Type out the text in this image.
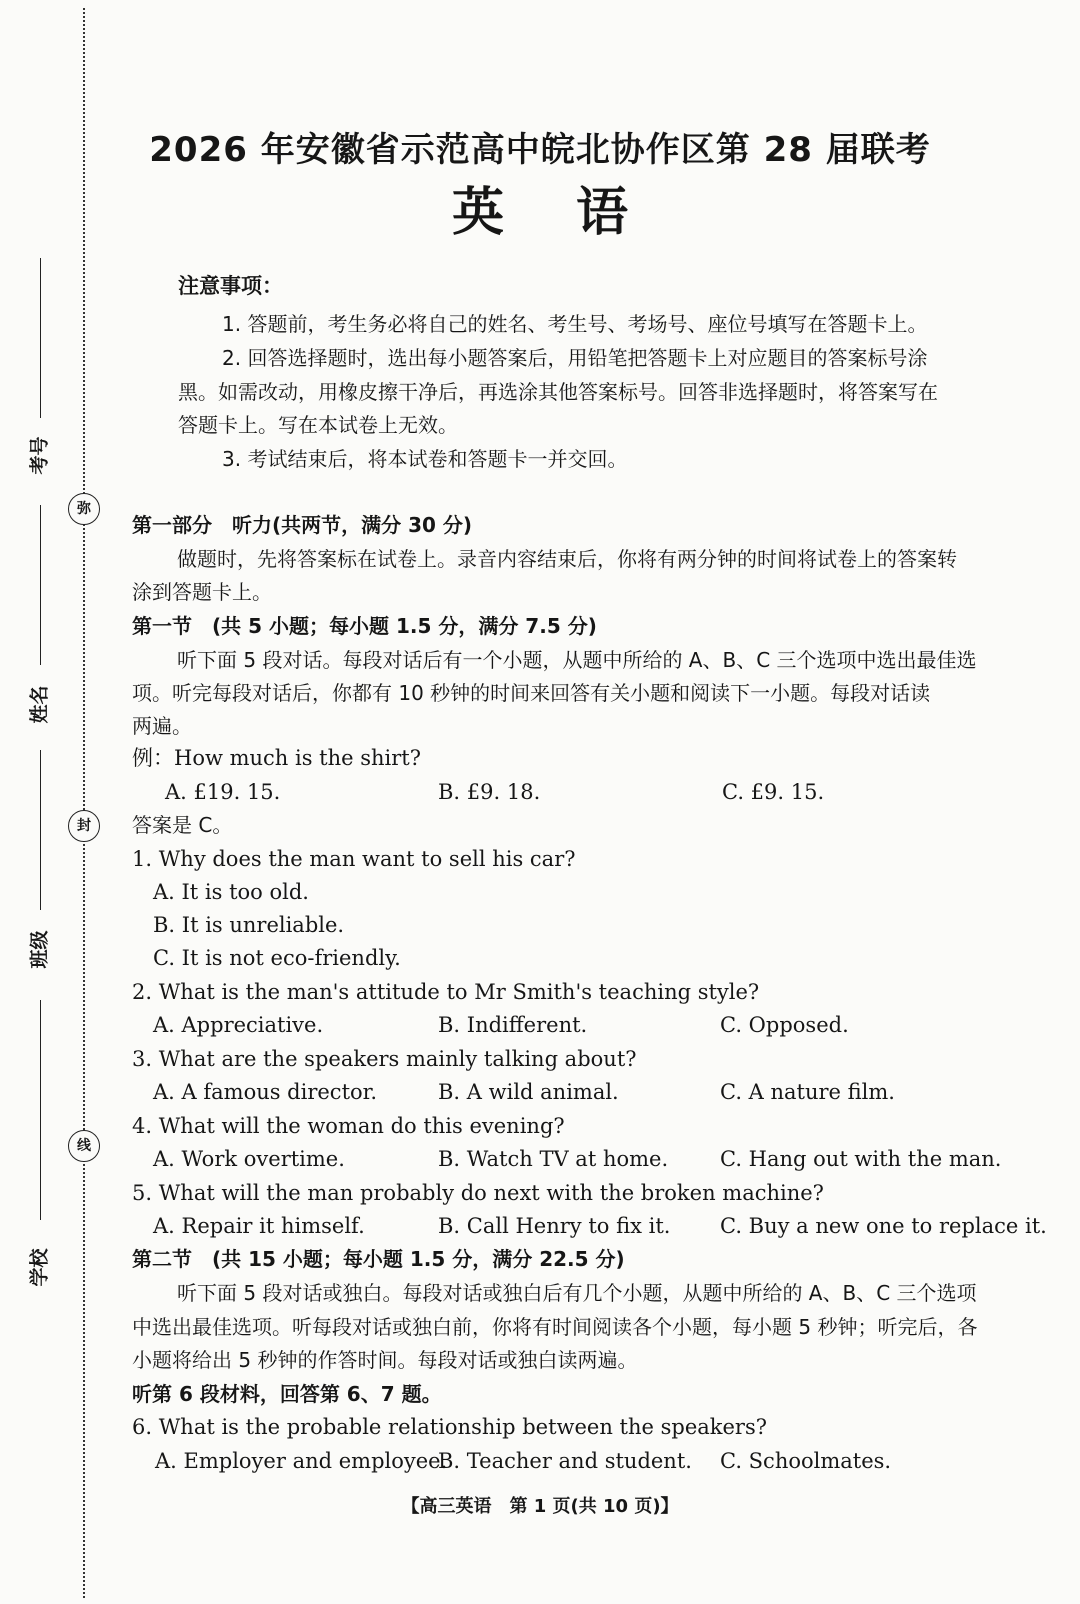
考号
姓名
班级
学校
弥
封
线
2026 年安徽省示范高中皖北协作区第 28 届联考
英语
注意事项：
1. 答题前，考生务必将自己的姓名、考生号、考场号、座位号填写在答题卡上。
2. 回答选择题时，选出每小题答案后，用铅笔把答题卡上对应题目的答案标号涂
黑。如需改动，用橡皮擦干净后，再选涂其他答案标号。回答非选择题时，将答案写在
答题卡上。写在本试卷上无效。
3. 考试结束后，将本试卷和答题卡一并交回。
第一部分　听力(共两节，满分 30 分)
做题时，先将答案标在试卷上。录音内容结束后，你将有两分钟的时间将试卷上的答案转
涂到答题卡上。
第一节　(共 5 小题；每小题 1.5 分，满分 7.5 分)
听下面 5 段对话。每段对话后有一个小题，从题中所给的 A、B、C 三个选项中选出最佳选
项。听完每段对话后，你都有 10 秒钟的时间来回答有关小题和阅读下一小题。每段对话读
两遍。
例：How much is the shirt?
A. £19. 15.	B. £9. 18.	C. £9. 15.
答案是 C。
1. Why does the man want to sell his car?
A. It is too old.
B. It is unreliable.
C. It is not eco-friendly.
2. What is the man's attitude to Mr Smith's teaching style?
A. Appreciative.	B. Indifferent.	C. Opposed.
3. What are the speakers mainly talking about?
A. A famous director.	B. A wild animal.	C. A nature film.
4. What will the woman do this evening?
A. Work overtime.	B. Watch TV at home. C. Hang out with the man.
5. What will the man probably do next with the broken machine?
A. Repair it himself.	B. Call Henry to fix it. C. Buy a new one to replace it.
第二节　(共 15 小题；每小题 1.5 分，满分 22.5 分)
听下面 5 段对话或独白。每段对话或独白后有几个小题，从题中所给的 A、B、C 三个选项
中选出最佳选项。听每段对话或独白前，你将有时间阅读各个小题，每小题 5 秒钟；听完后，各
小题将给出 5 秒钟的作答时间。每段对话或独白读两遍。
听第 6 段材料，回答第 6、7 题。
6. What is the probable relationship between the speakers?
A. Employer and employee.
B. Teacher and student. C. Schoolmates.
【高三英语　第 1 页(共 10 页)】
